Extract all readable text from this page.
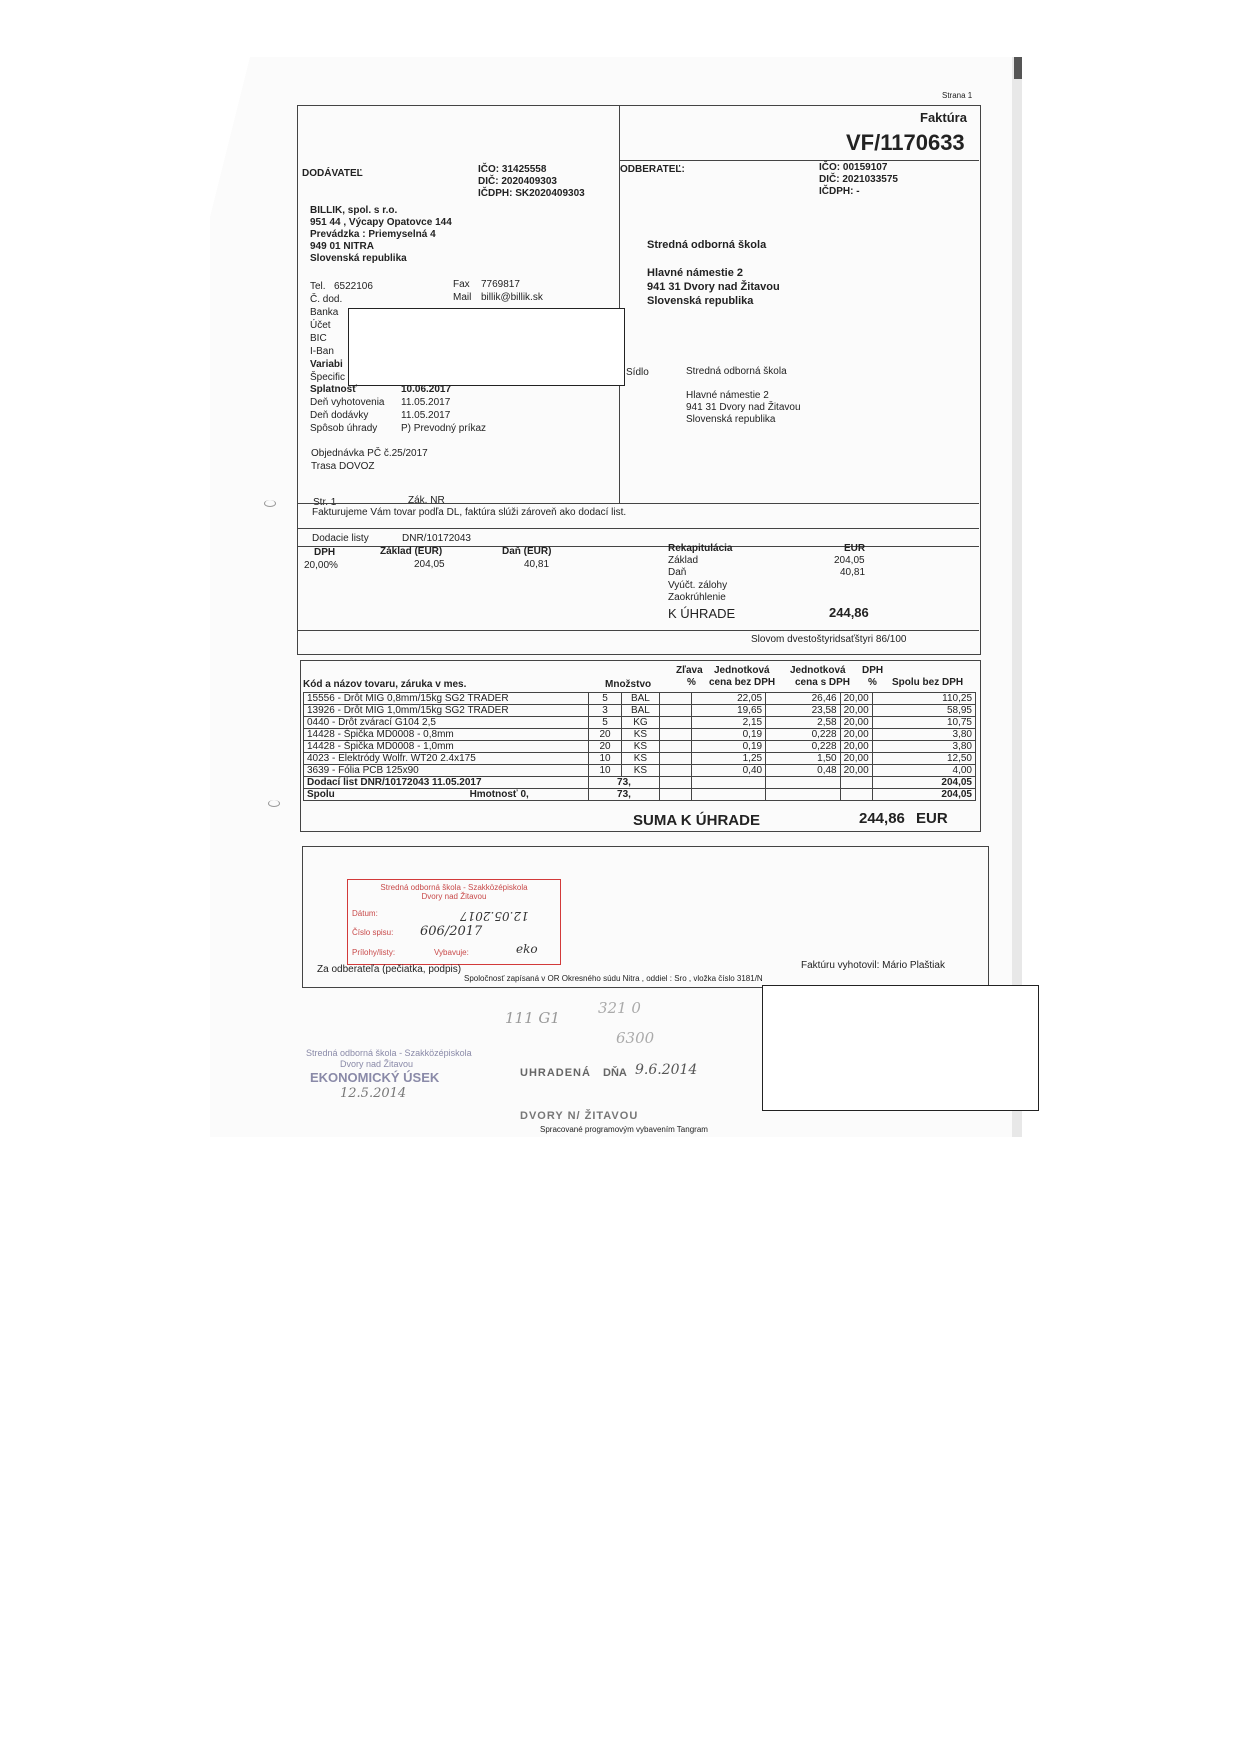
Strana 1
Faktúra
VF/1170633
DODÁVATEĽ	IČO: 31425558
DIČ: 2020409303
IČDPH: SK2020409303
BILLIK, spol. s r.o.
951 44 , Výcapy Opatovce 144
Prevádzka : Priemyselná 4
949 01 NITRA
Slovenská republika
Tel. 6522106	Fax 7769817
Č. dod.	Mail billik@billik.sk
Banka
Účet
BIC
I-Ban
Variabi
Špecific
Splatnosť	10.06.2017
Deň vyhotovenia 11.05.2017
Deň dodávky	11.05.2017
Spôsob úhrady P) Prevodný príkaz
Objednávka PČ č.25/2017
Trasa DOVOZ
Str. 1	Zák. NR
ODBERATEĽ:	IČO: 00159107
DIČ: 2021033575
IČDPH: -
Stredná odborná škola
Hlavné námestie 2
941 31 Dvory nad Žitavou
Slovenská republika
Sídlo	Stredná odborná škola
Hlavné námestie 2
941 31 Dvory nad Žitavou
Slovenská republika
Fakturujeme Vám tovar podľa DL, faktúra slúži zároveň ako dodací list.
Dodacie listy	DNR/10172043
DPH	Základ (EUR)	Daň (EUR)
20,00%	204,05	40,81
Rekapitulácia	EUR
Základ	204,05
Daň	40,81
Vyúčt. zálohy
Zaokrúhlenie
K ÚHRADE	244,86
Slovom dvestoštyridsaťštyri 86/100
Kód a názov tovaru, záruka v mes.	Množstvo
Zľava
%
Jednotková
cena bez DPH
Jednotková
cena s DPH
DPH
% Spolu bez DPH
15556 - Drôt MIG 0,8mm/15kg SG2 TRADER	5	BAL		22,05	26,46	20,00	110,25
13926 - Drôt MIG 1,0mm/15kg SG2 TRADER	3	BAL		19,65	23,58	20,00	58,95
0440 - Drôt zvárací G104 2,5	5	KG		2,15	2,58	20,00	10,75
14428 - Špička MD0008 - 0,8mm	20	KS		0,19	0,228	20,00	3,80
14428 - Špička MD0008 - 1,0mm	20	KS		0,19	0,228	20,00	3,80
4023 - Elektródy Wolfr. WT20 2.4x175	10	KS		1,25	1,50	20,00	12,50
3639 - Fólia PCB 125x90	10	KS		0,40	0,48	20,00	4,00
Dodací list DNR/10172043 11.05.2017	73,						204,05
Spolu Hmotnosť 0,	73,						204,05
SUMA K ÚHRADE	244,86 EUR
Stredná odborná škola - Szakközépiskola
Dvory nad Žitavou
Dátum:	12.05.2017
Číslo spisu: 606/2017
Prílohy/listy:	Vybavuje:	eko
Za odberateľa (pečiatka, podpis)	Faktúru vyhotovil: Mário Plaštiak
Spoločnosť zapísaná v OR Okresného súdu Nitra , oddiel : Sro , vložka číslo 3181/N
Stredná odborná škola - Szakközépiskola
Dvory nad Žitavou
EKONOMICKÝ ÚSEK
12.5.2014
111 G1
321 0
6300
UHRADENÁ DŇA 9.6.2014
DVORY N/ ŽITAVOU
Spracované programovým vybavením Tangram
